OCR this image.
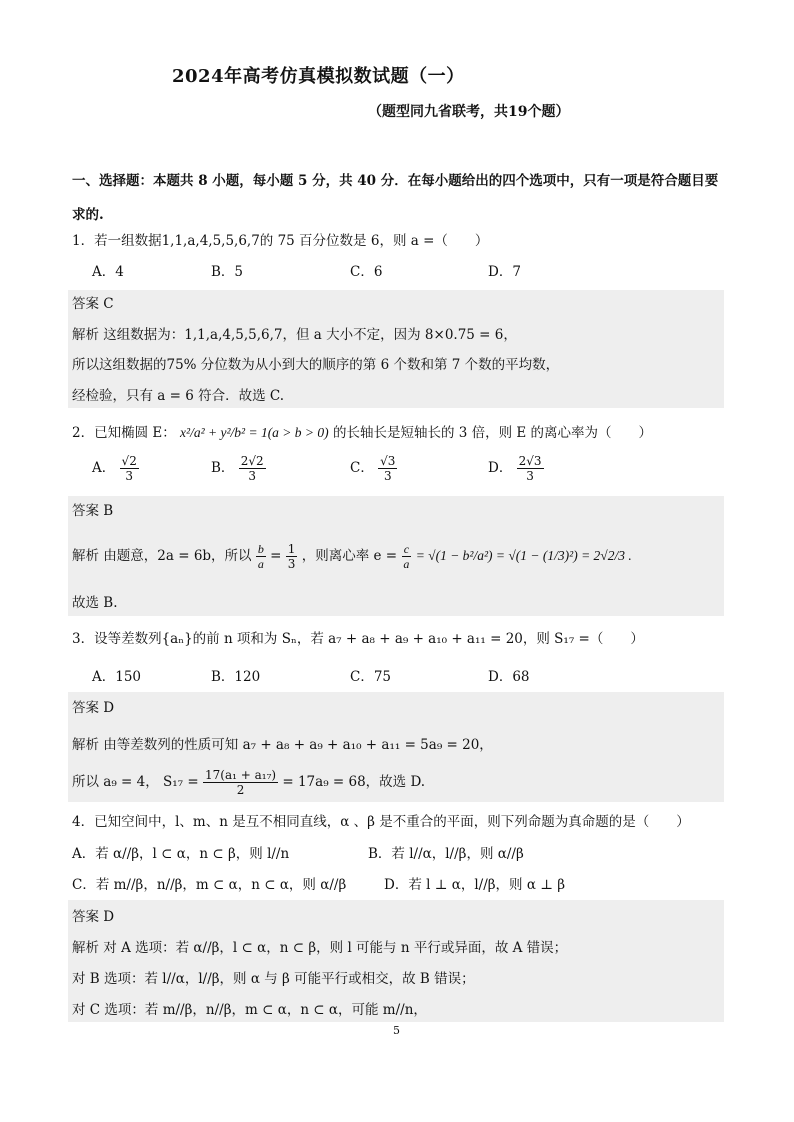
2024年高考仿真模拟数试题（一）
（题型同九省联考，共19个题）
一、选择题：本题共 8 小题，每小题 5 分，共 40 分．在每小题给出的四个选项中，只有一项是符合题目要求的.
1．若一组数据1,1,a,4,5,5,6,7的 75 百分位数是 6，则 a =（　　）
A．4	B．5	C．6	D．7
答案 C
解析 这组数据为：1,1,a,4,5,5,6,7，但 a 大小不定，因为 8×0.75 = 6，
所以这组数据的75% 分位数为从小到大的顺序的第 6 个数和第 7 个数的平均数，
经检验，只有 a = 6 符合．故选 C.
2．已知椭圆 E： x²/a² + y²/b² = 1(a > b > 0) 的长轴长是短轴长的 3 倍，则 E 的离心率为（　　）
A． $\frac{√2}{3}$	B． $\frac{2√2}{3}$	C． $\frac{√3}{3}$	D． $\frac{2√3}{3}$
答案 B
解析 由题意，2a = 6b，所以 $\frac{b}{a} = \frac{1}{3}$ ，则离心率 $e = \frac{c}{a} = √(1 - b^2/a^2) = √(1 - (1/3)^2) = 2√2/3$ .
故选 B.
3．设等差数列{aₙ}的前 n 项和为 Sₙ，若 a₇ + a₈ + a₉ + a₁₀ + a₁₁ = 20，则 S₁₇ =（　　）
A．150	B．120	C．75	D．68
答案 D
解析 由等差数列的性质可知 a₇ + a₈ + a₉ + a₁₀ + a₁₁ = 5a₉ = 20，
所以 a₉ = 4， $S_{17} = \frac{\text{17(a₁ + a₁₇)}}{2} = 17a_9 = 68$，故选 D.
4．已知空间中，l、m、n 是互不相同直线，α 、β 是不重合的平面，则下列命题为真命题的是（　　）
A．若 α//β，l ⊂ α，n ⊂ β，则 l//n	B．若 l//α，l//β，则 α//β
C．若 m//β，n//β，m ⊂ α，n ⊂ α，则 α//β	D．若 l ⊥ α，l//β，则 α ⊥ β
答案 D
解析 对 A 选项：若 α//β，l ⊂ α，n ⊂ β，则 l 可能与 n 平行或异面，故 A 错误；
对 B 选项：若 l//α，l//β，则 α 与 β 可能平行或相交，故 B 错误；
对 C 选项：若 m//β，n//β，m ⊂ α，n ⊂ α，可能 m//n，
5
